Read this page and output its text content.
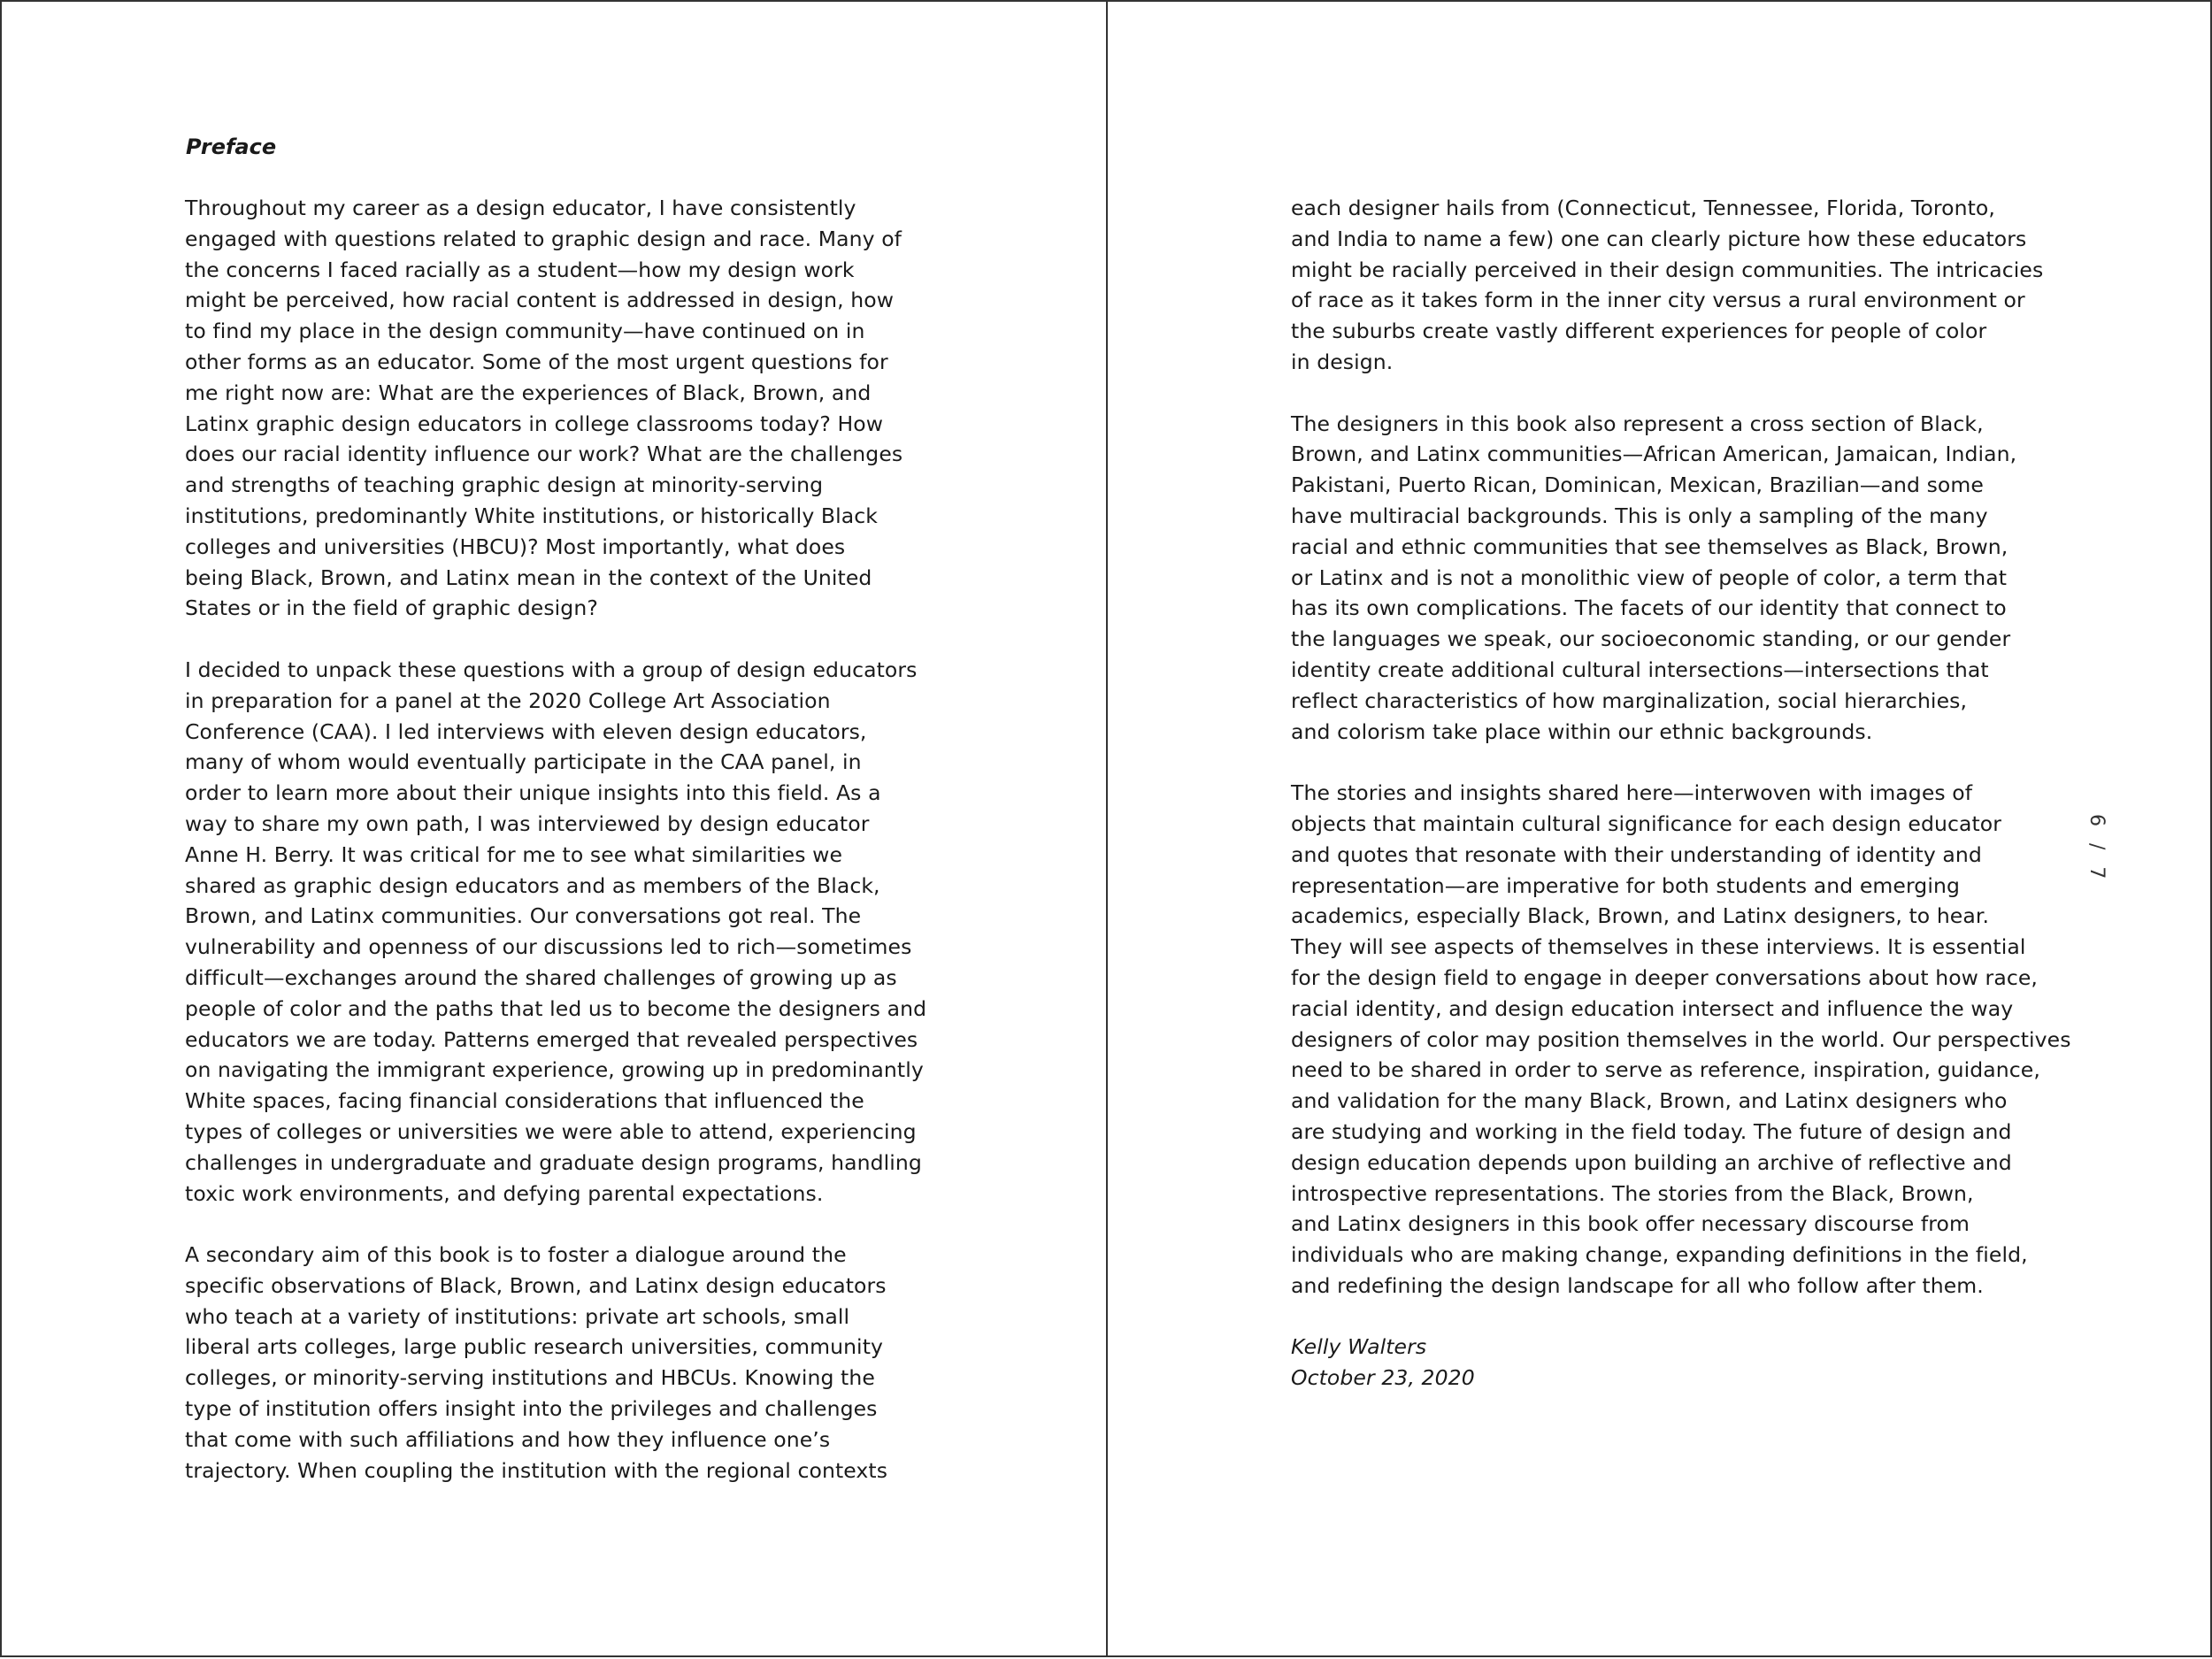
Preface
Throughout my career as a design educator, I have consistently
engaged with questions related to graphic design and race. Many of
the concerns I faced racially as a student—how my design work
might be perceived, how racial content is addressed in design, how
to find my place in the design community—have continued on in
other forms as an educator. Some of the most urgent questions for
me right now are: What are the experiences of Black, Brown, and
Latinx graphic design educators in college classrooms today? How
does our racial identity influence our work? What are the challenges
and strengths of teaching graphic design at minority-serving
institutions, predominantly White institutions, or historically Black
colleges and universities (HBCU)? Most importantly, what does
being Black, Brown, and Latinx mean in the context of the United
States or in the field of graphic design?
I decided to unpack these questions with a group of design educators
in preparation for a panel at the 2020 College Art Association
Conference (CAA). I led interviews with eleven design educators,
many of whom would eventually participate in the CAA panel, in
order to learn more about their unique insights into this field. As a
way to share my own path, I was interviewed by design educator
Anne H. Berry. It was critical for me to see what similarities we
shared as graphic design educators and as members of the Black,
Brown, and Latinx communities. Our conversations got real. The
vulnerability and openness of our discussions led to rich—sometimes
difficult—exchanges around the shared challenges of growing up as
people of color and the paths that led us to become the designers and
educators we are today. Patterns emerged that revealed perspectives
on navigating the immigrant experience, growing up in predominantly
White spaces, facing financial considerations that influenced the
types of colleges or universities we were able to attend, experiencing
challenges in undergraduate and graduate design programs, handling
toxic work environments, and defying parental expectations.
A secondary aim of this book is to foster a dialogue around the
specific observations of Black, Brown, and Latinx design educators
who teach at a variety of institutions: private art schools, small
liberal arts colleges, large public research universities, community
colleges, or minority-serving institutions and HBCUs. Knowing the
type of institution offers insight into the privileges and challenges
that come with such affiliations and how they influence one’s
trajectory. When coupling the institution with the regional contexts
each designer hails from (Connecticut, Tennessee, Florida, Toronto,
and India to name a few) one can clearly picture how these educators
might be racially perceived in their design communities. The intricacies
of race as it takes form in the inner city versus a rural environment or
the suburbs create vastly different experiences for people of color
in design.
The designers in this book also represent a cross section of Black,
Brown, and Latinx communities—African American, Jamaican, Indian,
Pakistani, Puerto Rican, Dominican, Mexican, Brazilian—and some
have multiracial backgrounds. This is only a sampling of the many
racial and ethnic communities that see themselves as Black, Brown,
or Latinx and is not a monolithic view of people of color, a term that
has its own complications. The facets of our identity that connect to
the languages we speak, our socioeconomic standing, or our gender
identity create additional cultural intersections—intersections that
reflect characteristics of how marginalization, social hierarchies,
and colorism take place within our ethnic backgrounds.
The stories and insights shared here—interwoven with images of
objects that maintain cultural significance for each design educator
and quotes that resonate with their understanding of identity and
representation—are imperative for both students and emerging
academics, especially Black, Brown, and Latinx designers, to hear.
They will see aspects of themselves in these interviews. It is essential
for the design field to engage in deeper conversations about how race,
racial identity, and design education intersect and influence the way
designers of color may position themselves in the world. Our perspectives
need to be shared in order to serve as reference, inspiration, guidance,
and validation for the many Black, Brown, and Latinx designers who
are studying and working in the field today. The future of design and
design education depends upon building an archive of reflective and
introspective representations. The stories from the Black, Brown,
and Latinx designers in this book offer necessary discourse from
individuals who are making change, expanding definitions in the field,
and redefining the design landscape for all who follow after them.
Kelly Walters
October 23, 2020
6 / 7
